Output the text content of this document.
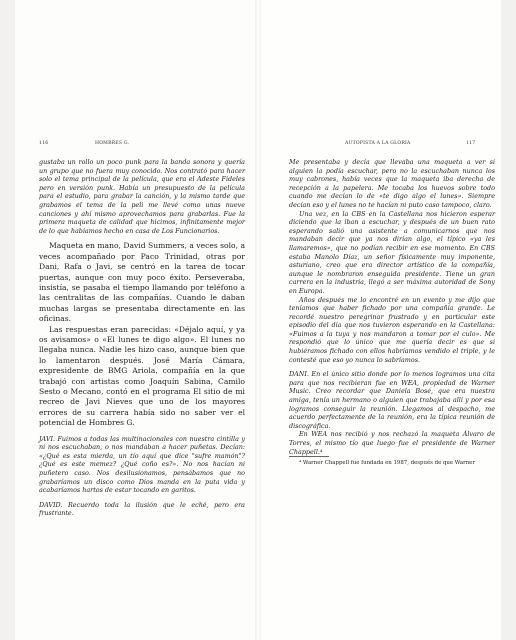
116	HOMBRES G.	AUTOPISTA A LA GLORIA	117

gustaba un rollo un poco punk para la banda sonora y quería un grupo que no fuera muy conocido. Nos contrató para hacer solo el tema principal de la película, que era el Adeste Fideles pero en versión punk. Había un presupuesto de la película para el estudio, para grabar la canción, y la mismo tarde que grabamos el tema de la peli me llevé como unas nueve canciones y ahí mismo aprovechamos para grabarlas. Fue la primera maqueta de calidad que hicimos, infinitamente mejor de lo que habíamos hecho en casa de Los Funcionarios.

Maqueta en mano, David Summers, a veces solo, a veces acompañado por Paco Trinidad, otras por Dani, Rafa o Javi, se centró en la tarea de tocar puertas, aunque con muy poco éxito. Perseveraba, insistía, se pasaba el tiempo llamando por teléfono a las centralitas de las compañías. Cuando le daban muchas largas se presentaba directamente en las oficinas.

Las respuestas eran parecidas: «Déjalo aquí, y ya os avisamos» o «El lunes te digo algo». El lunes no llegaba nunca. Nadie les hizo caso, aunque bien que lo lamentaron después. José María Cámara, expresidente de BMG Ariola, compañía en la que trabajó con artistas como Joaquín Sabina, Camilo Sesto o Mecano, contó en el programa El sitio de mi recreo de Javi Nieves que uno de los mayores errores de su carrera había sido no saber ver el potencial de Hombres G.

JAVI. Fuimos a todas las multinacionales con nuestra cintilla y ni nos escuchaban, o nos mandaban a hacer puñetas. Decían: «¿Qué es esta mierda, un tío aquí que dice "sufre mamón"? ¿Qué es este memez? ¿Qué coño es?». No nos hacían ni puñetero caso. Nos desilusionamos, pensábamos que no grabaríamos un disco como Dios manda en la puta vida y acabaríamos hartos de estar tocando en garitos.

DAVID. Recuerdo toda la ilusión que le eché, pero era frustrante.

Me presentaba y decía que llevaba una maqueta a ver si alguien la podía escuchar, pero no la escuchaban nunca los muy cabrones, había veces que la maqueta iba derecha de recepción a la papelera. Me tocaba los huevos sobre todo cuando me decían lo de «te digo algo el lunes». Siempre decían eso y el lunes no te hacían ni puto caso tampoco, claro.

Una vez, en la CBS en la Castellana nos hicieron esperar diciendo que la iban a escuchar, y después de un buen rato esperando salió una asistente a comunicarnos que nos mandaban decir que ya nos dirían algo, el típico «ya les llamaremos», que no podían recibir en ese momento. En CBS estaba Manolo Díaz, un señor físicamente muy imponente, asturiano, creo que era director artístico de la compañía, aunque le nombraron enseguida presidente. Tiene un gran carrera en la industria, llegó a ser máxima autoridad de Sony en Europa.

Años después me lo encontré en un evento y me dijo que teníamos que haber fichado por una compañía grande. Le recordé nuestro peregrinar frustrado y en particular este episodio del día que nos tuvieron esperando en la Castellana: «Fuimos a la tuya y nos mandaron a tomar por el culo». Me respondió que lo único que me quería decir es que si hubiéramos fichado con ellos habríamos vendido el triple, y le contesté que eso yo nunca lo sabríamos.

DANI. En el único sitio donde por lo menos logramos una cita para que nos recibieran fue en WEA, propiedad de Warner Music. Creo recordar que Daniela Bosé, que era nuestra amiga, tenía un hermano o alguien que trabajaba allí y por esa logramos conseguir la reunión. Llegamos al despacho, me acuerdo perfectamente de la reunión, era la típica reunión de discográfica.

En WEA nos recibió y nos rechazó la maqueta Álvaro de Torres, el mismo tío que luego fue el presidente de Warner Chappell.⁴

⁴ Warner Chappell fue fundada en 1987, después de que Warner
